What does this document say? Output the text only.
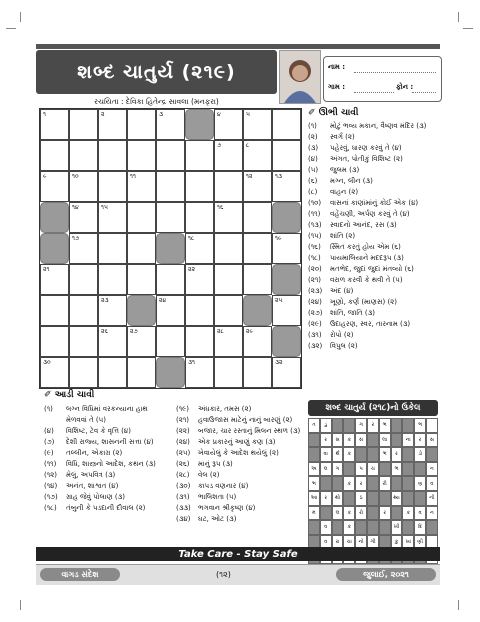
શબ્દ ચાતુર્ય (૨૧૯)
રચયિતા : દેવિકા હિતેન્દ્ર સાવલા (મનફરા)
નામ :
ગામ :	ફોન :
૧	૨	૩	૪	૫
૭	૮
૯	૧૦	૧૧	૧૨	૧૩
૧૪	૧૫	૧૬
૧૭	૧૮	૧૯
૨૧	૨૨
૨૩	૨૪	૨૫
૨૬	૨૭	૨૮	૨૯
૩૦	૩૧	૩૨
✐ ઊભી ચાવી
(૧) મોટું ભવ્ય મકાન, વૈષ્ણવ મંદિર (૩)
(૨) સ્વર્ગ (૨)
(૩) પહેરવું, ધારણ કરવું તે (૪)
(૪) અંગત, પોતીકું વિશિષ્ટ (૨)
(૫) જુલમ (૩)
(૬) મગ્ન, લીન (૩)
(૮) વાહન (૨)
(૧૦) વાસનાં કાણાંમાંનું કોઈ એક (૪)
(૧૧) વહેંચણી, અર્પણ કરવું તે (૪)
(૧૩) સ્વાદનો આનંદ, રસ (૩)
(૧૫) શાંતિ (૨)
(૧૬) સ્મિત કરતું હોય એમ (૬)
(૧૮) પાયમાલિયાને મદદરૂપ (૩)
(૨૦) મતભેદ, જુદાં જુદાં મંતવ્યો (૬)
(૨૧) વરાળ કરવી કે થવી તે (૫)
(૨૩) અંદ (૪)
(૨૪) ખૂણો, કર્ણ (માણસ) (૨)
(૨૭) શાંતિ, જાતિ (૩)
(૨૯) ઉદાહરણ, સ્વર, તારનામ (૩)
(૩૧) રોપો (૨)
(૩૨) વિપુલ (૨)
શબ્દ ચાતુર્ય (૨૧૮)નો ઉકેલ
ત	ડુ	ગ	ર	ભ	ભ
ર	સ	ક	સ	લા	ના	ર	સ
વા	ર્થ	ક	ભ	ર	ડો
અ	લ	ગ	પ	ચ	ભ	ન
ભ	ક	ર	રી	ણ	વ
આ	ર	થો	ઠ	થ્ય	ની
મ	લ	ક	રો	ર	ક	વ	ન
વ	ક	ખી	દિ
વ	રા	ચા	નો	ગી	કુ	ખા	ણી
✐ આડી ચાવી
(૧) લગ્ન વિધિમાં વરકન્યાના હાથ
મેળવવાં તે (૫)
(૪) વિશિષ્ટ, ટેવ કે વૃત્તિ (૪)
(૭) દેશી રાજ્ય, શાસનની સત્તા (૪)
(૯) તલ્લીન, એકાગ્ર (૨)
(૧૧) વિધિ, શાસ્ત્રનો આદેશ, કથન (૩)
(૧૨) મેલું, અપવિત્ર (૩)
(૧૪) અનંત, શાશ્વત (૪)
(૧૭) ગ્રાહ જેવું પોલાણ (૩)
(૧૮) તંબુની કે પડદાની દીવાલ (૨)
(૧૯) અંધકાર, તમસ (૨)
(૨૧) હવાઉજાસ માટેનું નાનું બારણું (૨)
(૨૨) બજાર, ચાર રસ્તાનું મિલન સ્થળ (૩)
(૨૪) એક પ્રકારનું આણું કણ (૩)
(૨૫) ખેવાયેલું કે આદેશ થયેલું (૨)
(૨૬) માનું રૂપ (૩)
(૨૮) વેલ (૨)
(૩૦) કાપડ વણનાર (૪)
(૩૧) ભાલિશતા (૫)
(૩૩) ભગવાન શ્રીકૃષ્ણ (૪)
(૩૪) ઘટ, ઓટ (૩)
Take Care - Stay Safe
વાગડ સંદેશ	(૧૨)	જુલાઈ, ૨૦૨૧
